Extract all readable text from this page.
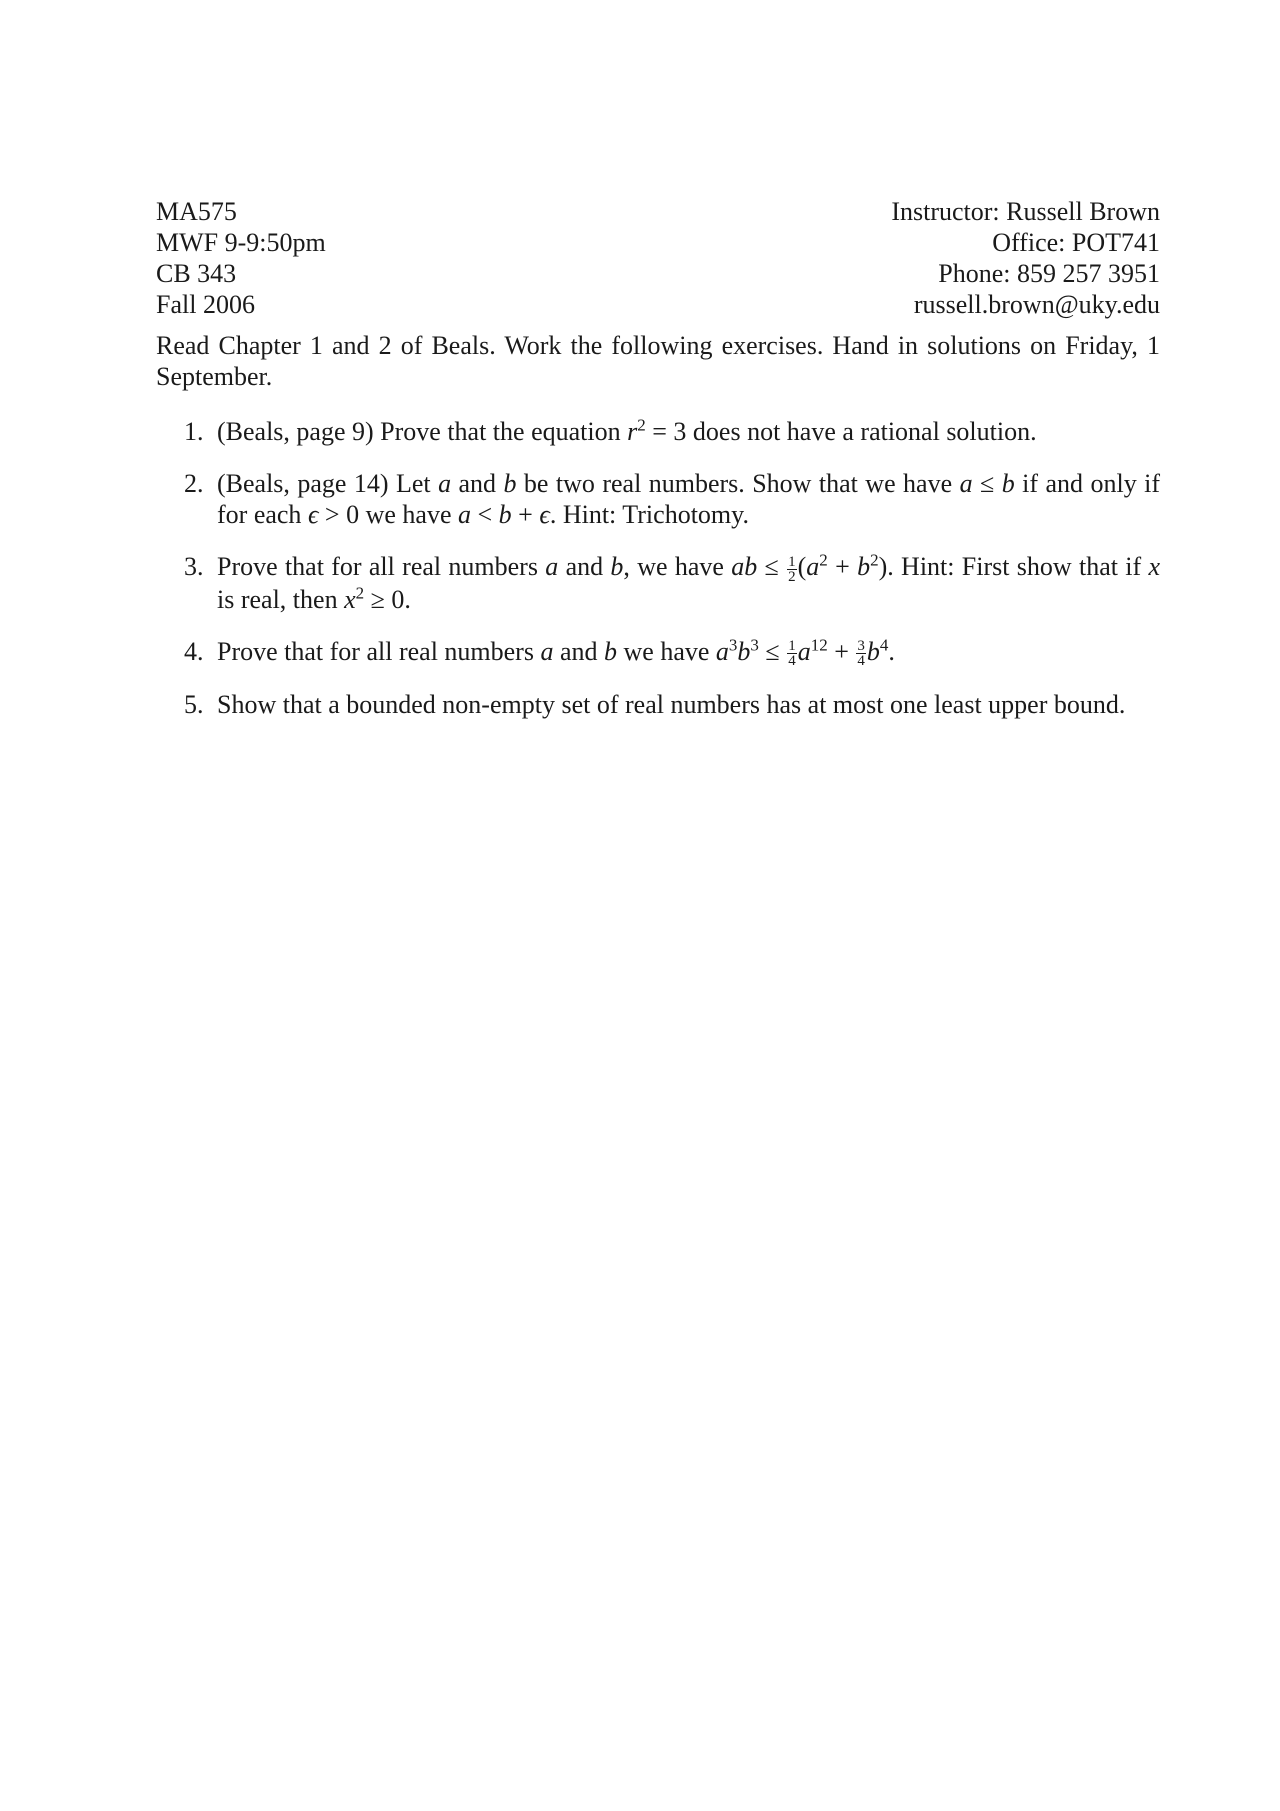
MA575
MWF 9-9:50pm
CB 343
Fall 2006
Instructor: Russell Brown
Office: POT741
Phone: 859 257 3951
russell.brown@uky.edu

Read Chapter 1 and 2 of Beals. Work the following exercises. Hand in solutions on Friday, 1 September.

1. (Beals, page 9) Prove that the equation $r^2 = 3$ does not have a rational solution.
2. (Beals, page 14) Let a and b be two real numbers. Show that we have a ≤ b if and only if for each ϵ > 0 we have a < b + ϵ. Hint: Trichotomy.
3. Prove that for all real numbers a and b, we have ab ≤ $\frac{1}{2} (a^2 + b^2)$. Hint: First show that if x is real, then $x^2 \ge 0$.
4. Prove that for all real numbers a and b we have $a^3b^3 \le \frac{1}{4} a^{12} + \frac{3}{4} b^4$.
5. Show that a bounded non-empty set of real numbers has at most one least upper bound.
